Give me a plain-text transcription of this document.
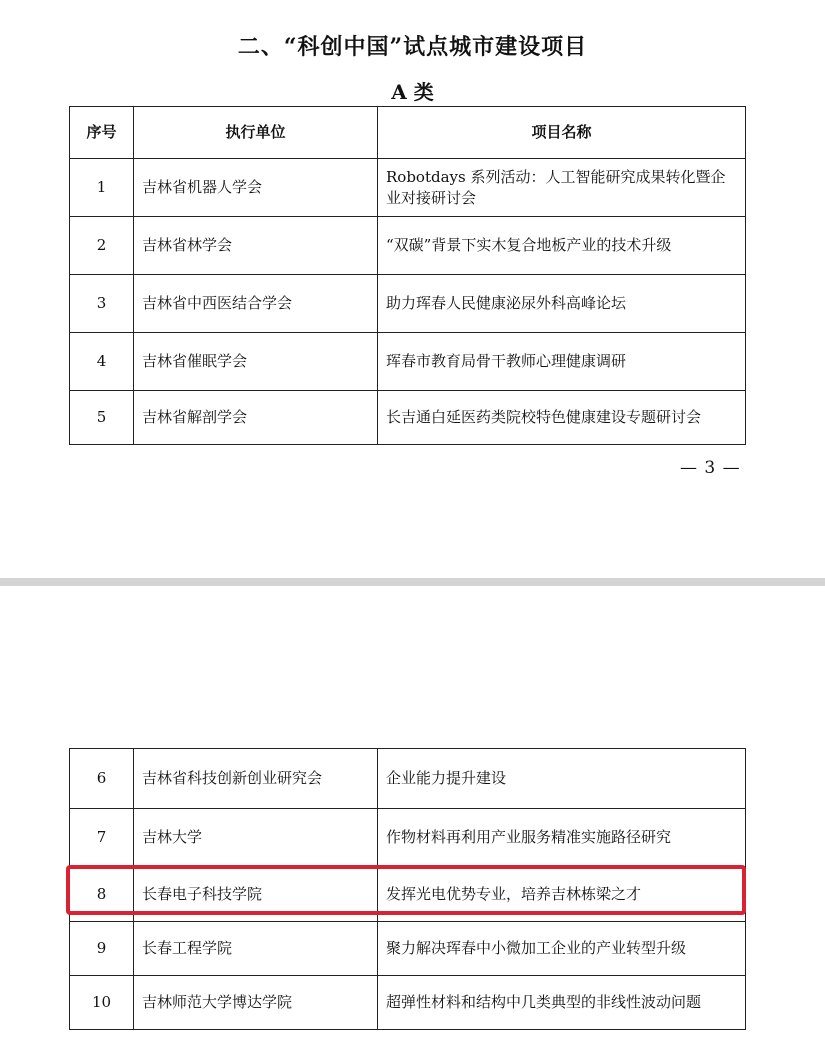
二、“科创中国”试点城市建设项目
A 类
序号	执行单位	项目名称
1	吉林省机器人学会	Robotdays 系列活动：人工智能研究成果转化暨企业对接研讨会
2	吉林省林学会	“双碳”背景下实木复合地板产业的技术升级
3	吉林省中西医结合学会	助力珲春人民健康泌尿外科高峰论坛
4	吉林省催眠学会	珲春市教育局骨干教师心理健康调研
5	吉林省解剖学会	长吉通白延医药类院校特色健康建设专题研讨会
— 3 —
6	吉林省科技创新创业研究会	企业能力提升建设
7	吉林大学	作物材料再利用产业服务精准实施路径研究
8	长春电子科技学院	发挥光电优势专业，培养吉林栋梁之才
9	长春工程学院	聚力解决珲春中小微加工企业的产业转型升级
10	吉林师范大学博达学院	超弹性材料和结构中几类典型的非线性波动问题
